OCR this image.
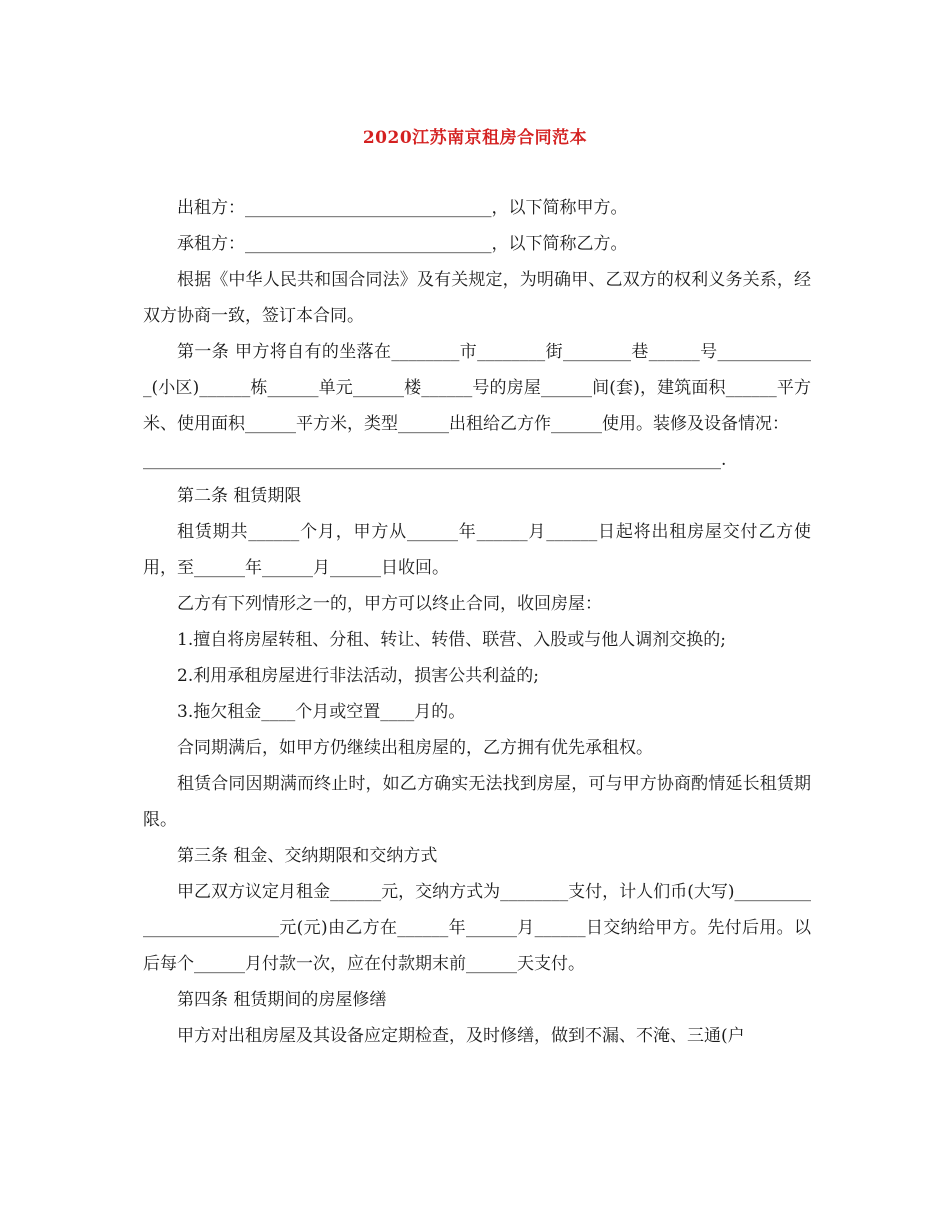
2020江苏南京租房合同范本

出租方：_____________________________，以下简称甲方。

承租方：_____________________________，以下简称乙方。

根据《中华人民共和国合同法》及有关规定，为明确甲、乙双方的权利义务关系，经双方协商一致，签订本合同。

第一条 甲方将自有的坐落在________市________街________巷______号____________(小区)______栋______单元______楼______号的房屋______间(套)，建筑面积______平方米、使用面积______平方米，类型______出租给乙方作______使用。装修及设备情况：

____________________________________________________________________.

第二条 租赁期限

租赁期共______个月，甲方从______年______月______日起将出租房屋交付乙方使用，至______年______月______日收回。

乙方有下列情形之一的，甲方可以终止合同，收回房屋：

1.擅自将房屋转租、分租、转让、转借、联营、入股或与他人调剂交换的;

2.利用承租房屋进行非法活动，损害公共利益的;

3.拖欠租金____个月或空置____月的。

合同期满后，如甲方仍继续出租房屋的，乙方拥有优先承租权。

租赁合同因期满而终止时，如乙方确实无法找到房屋，可与甲方协商酌情延长租赁期限。

第三条 租金、交纳期限和交纳方式

甲乙双方议定月租金______元，交纳方式为________支付，计人们币(大写)_________________________元(元)由乙方在______年______月______日交纳给甲方。先付后用。以后每个______月付款一次，应在付款期末前______天支付。

第四条 租赁期间的房屋修缮

甲方对出租房屋及其设备应定期检查，及时修缮，做到不漏、不淹、三通(户
